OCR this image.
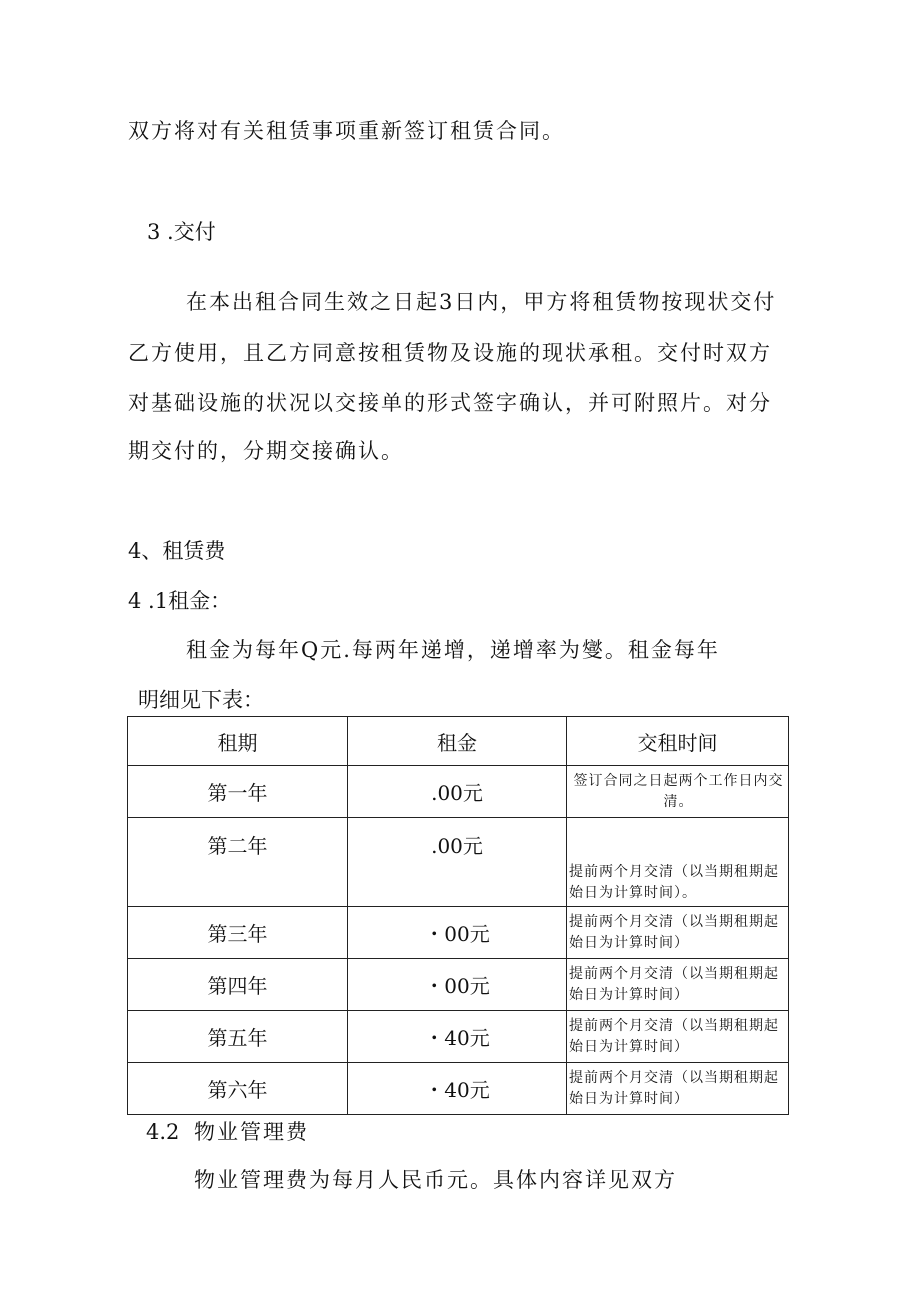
双方将对有关租赁事项重新签订租赁合同。
3 .交付
在本出租合同生效之日起3日内，甲方将租赁物按现状交付
乙方使用，且乙方同意按租赁物及设施的现状承租。交付时双方
对基础设施的状况以交接单的形式签字确认，并可附照片。对分
期交付的，分期交接确认。
4、租赁费
4 .1租金：
租金为每年Q元.每两年递增，递增率为燮。租金每年
明细见下表：
租期	租金	交租时间
第一年	.00元	签订合同之日起两个工作日内交清。
第二年	.00元	提前两个月交清（以当期租期起始日为计算时间）。
第三年	・00元	提前两个月交清（以当期租期起始日为计算时间）
第四年	・00元	提前两个月交清（以当期租期起始日为计算时间）
第五年	・40元	提前两个月交清（以当期租期起始日为计算时间）
第六年	・40元	提前两个月交清（以当期租期起始日为计算时间）
4.2 物业管理费
物业管理费为每月人民币元。具体内容详见双方
